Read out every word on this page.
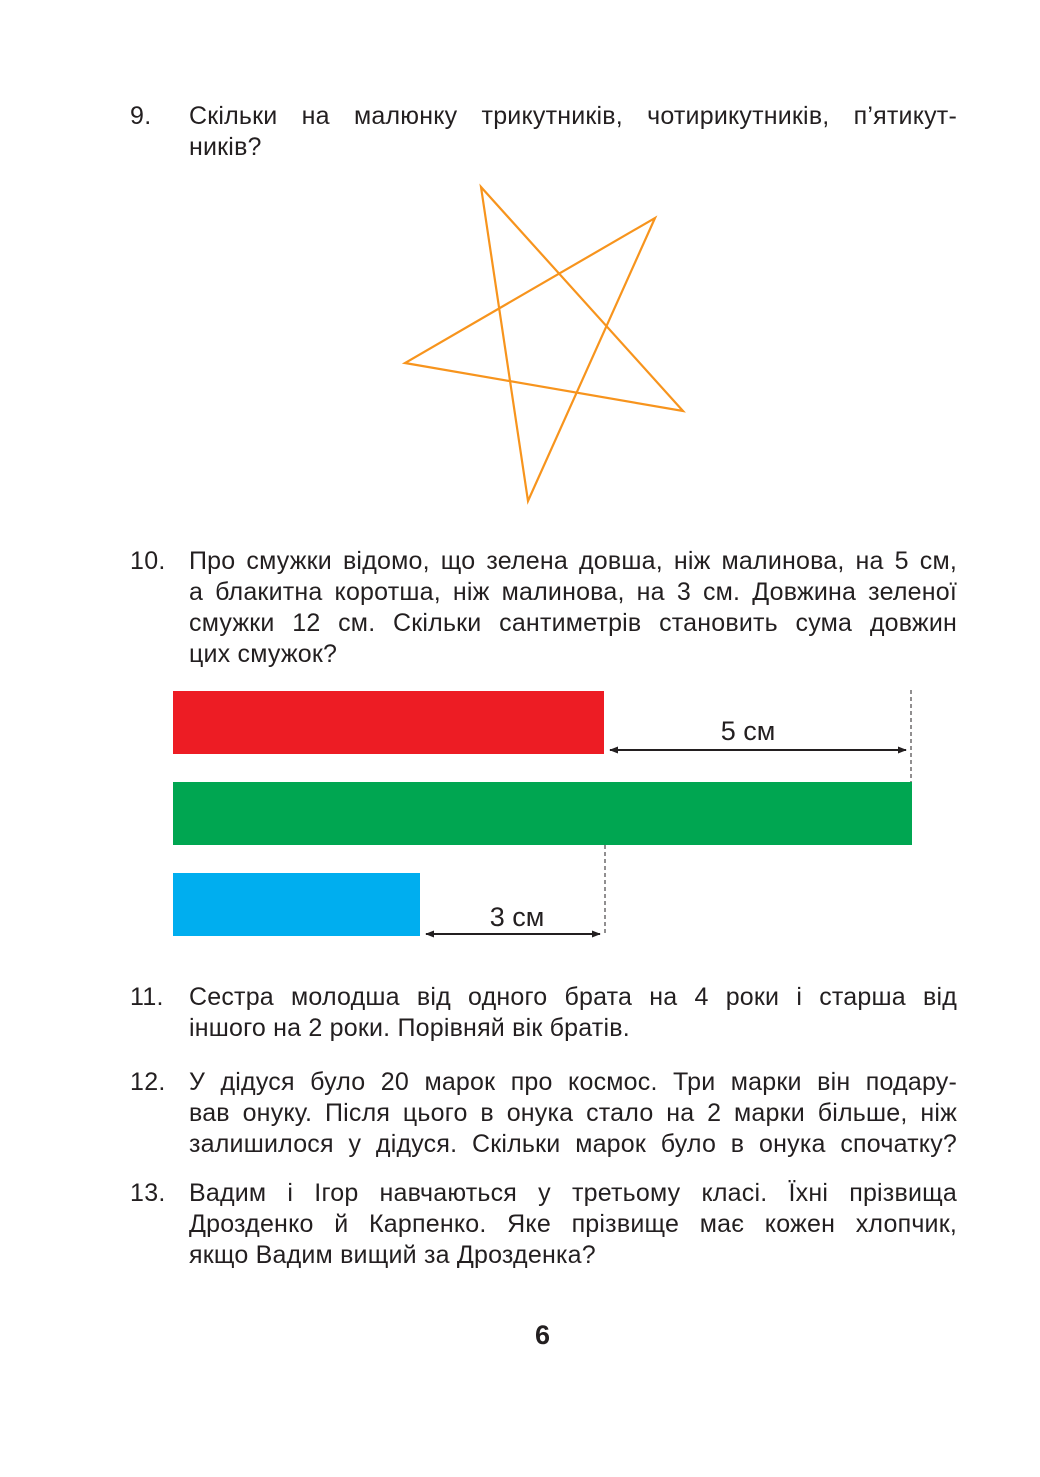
9. Скільки на малюнку трикутників, чотирикутників, п’ятикут-
ників?
10. Про смужки відомо, що зелена довша, ніж малинова, на 5 см,
а блакитна коротша, ніж малинова, на 3 см. Довжина зеленої
смужки 12 см. Скільки сантиметрів становить сума довжин
цих смужок?
5 см
3 см
11. Сестра молодша від одного брата на 4 роки і старша від
іншого на 2 роки. Порівняй вік братів.
12. У дідуся було 20 марок про космос. Три марки він подару-
вав онуку. Після цього в онука стало на 2 марки більше, ніж
залишилося у дідуся. Скільки марок було в онука спочатку?
13. Вадим і Ігор навчаються у третьому класі. Їхні прізвища
Дрозденко й Карпенко. Яке прізвище має кожен хлопчик,
якщо Вадим вищий за Дрозденка?
6
